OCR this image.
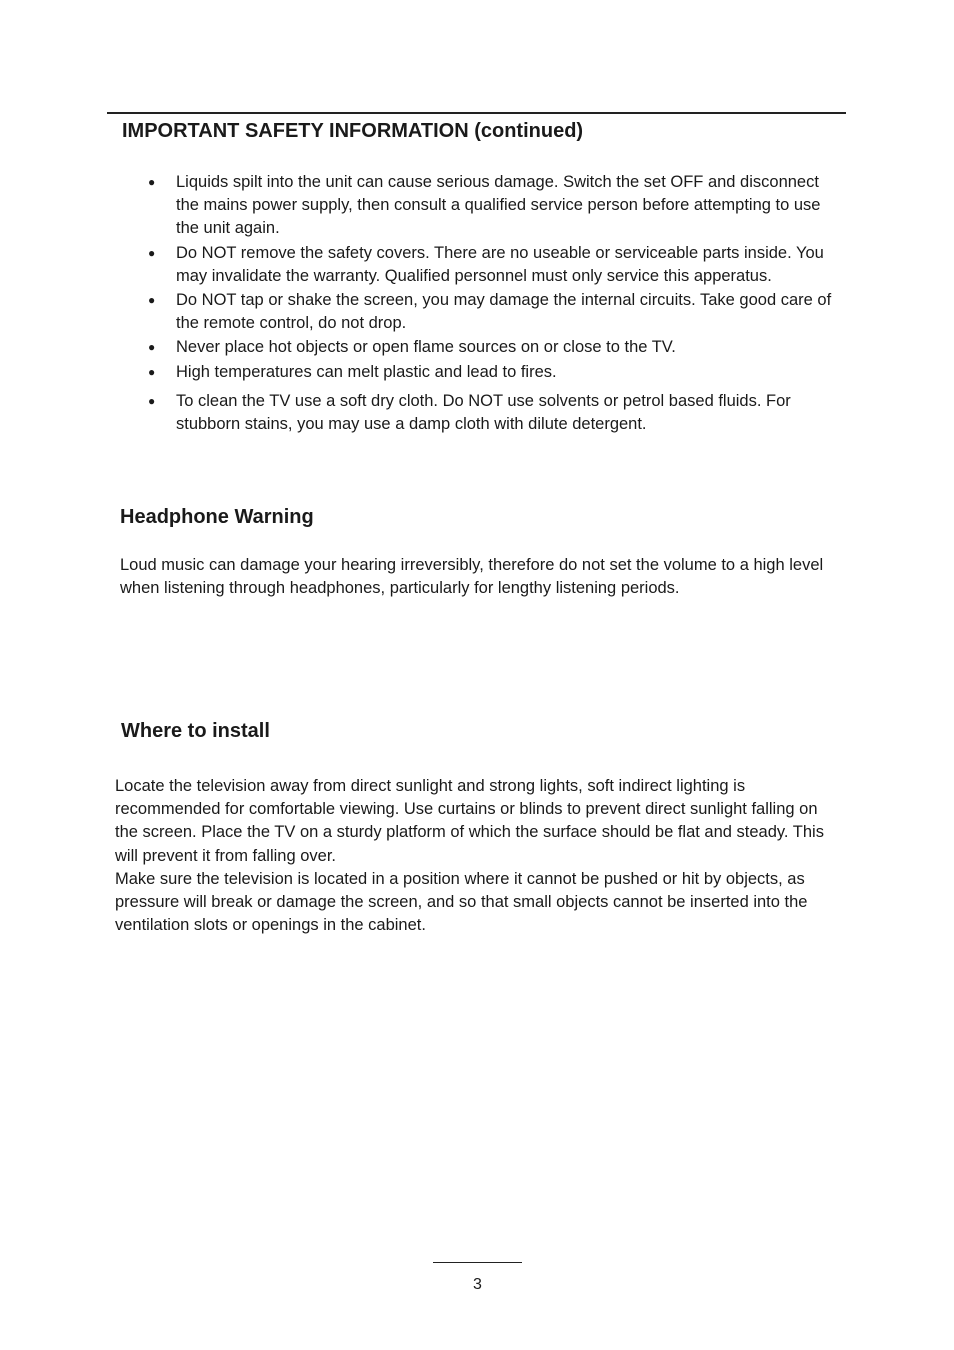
IMPORTANT SAFETY INFORMATION (continued)
● Liquids spilt into the unit can cause serious damage. Switch the set OFF and disconnect the mains power supply, then consult a qualified service person before attempting to use the unit again.
● Do NOT remove the safety covers. There are no useable or serviceable parts inside. You may invalidate the warranty. Qualified personnel must only service this apperatus.
● Do NOT tap or shake the screen, you may damage the internal circuits. Take good care of the remote control, do not drop.
● Never place hot objects or open flame sources on or close to the TV.
● High temperatures can melt plastic and lead to fires.
● To clean the TV use a soft dry cloth. Do NOT use solvents or petrol based fluids. For stubborn stains, you may use a damp cloth with dilute detergent.
Headphone Warning

Loud music can damage your hearing irreversibly, therefore do not set the volume to a high level when listening through headphones, particularly for lengthy listening periods.

Where to install
Locate the television away from direct sunlight and strong lights, soft indirect lighting is recommended for comfortable viewing. Use curtains or blinds to prevent direct sunlight falling on the screen. Place the TV on a sturdy platform of which the surface should be flat and steady. This will prevent it from falling over.
Make sure the television is located in a position where it cannot be pushed or hit by objects, as pressure will break or damage the screen, and so that small objects cannot be inserted into the ventilation slots or openings in the cabinet.
3
